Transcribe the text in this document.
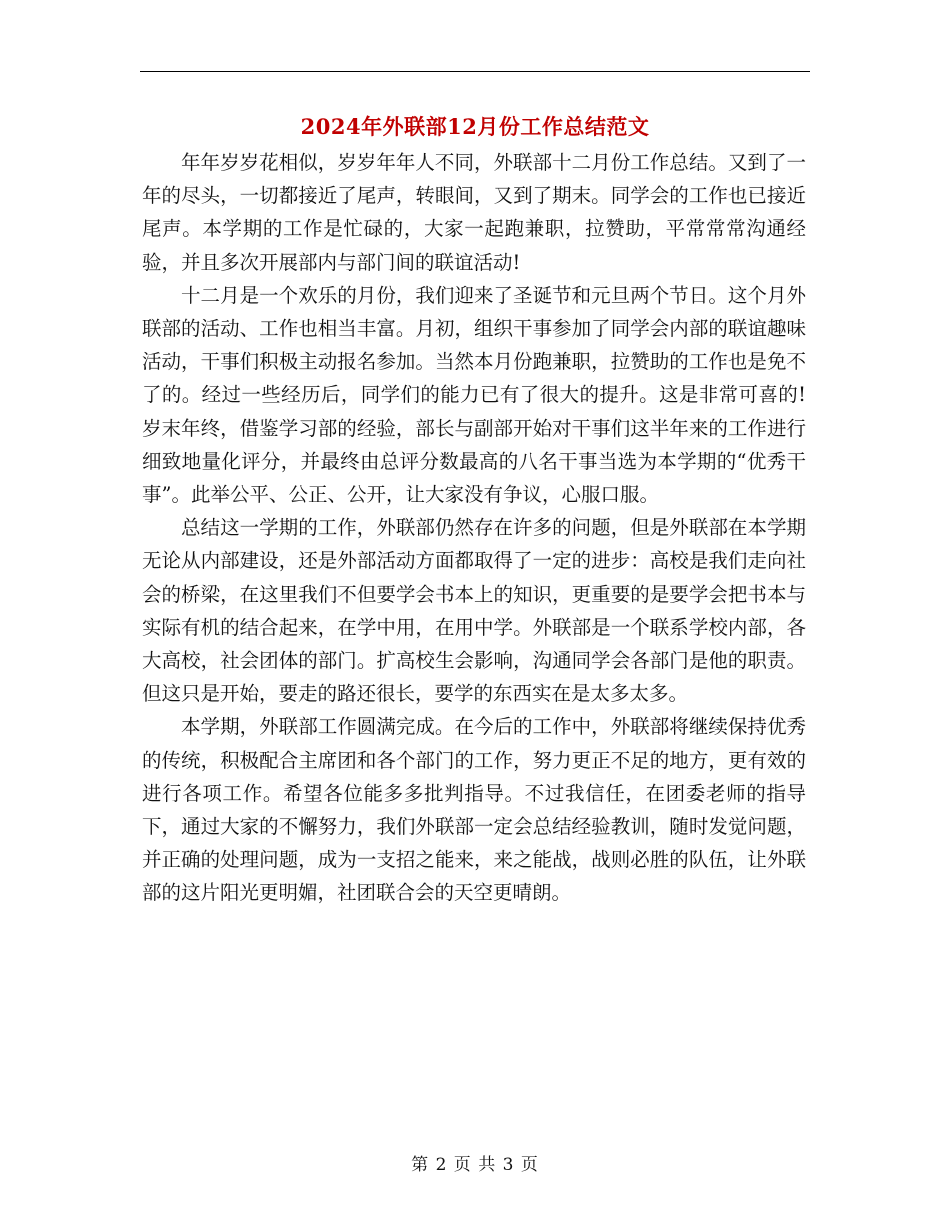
2024年外联部12月份工作总结范文

年年岁岁花相似，岁岁年年人不同，外联部十二月份工作总结。又到了一年的尽头，一切都接近了尾声，转眼间，又到了期末。同学会的工作也已接近尾声。本学期的工作是忙碌的，大家一起跑兼职，拉赞助，平常常常沟通经验，并且多次开展部内与部门间的联谊活动!

十二月是一个欢乐的月份，我们迎来了圣诞节和元旦两个节日。这个月外联部的活动、工作也相当丰富。月初，组织干事参加了同学会内部的联谊趣味活动，干事们积极主动报名参加。当然本月份跑兼职，拉赞助的工作也是免不了的。经过一些经历后，同学们的能力已有了很大的提升。这是非常可喜的!岁末年终，借鉴学习部的经验，部长与副部开始对干事们这半年来的工作进行细致地量化评分，并最终由总评分数最高的八名干事当选为本学期的“优秀干事”。此举公平、公正、公开，让大家没有争议，心服口服。

总结这一学期的工作，外联部仍然存在许多的问题，但是外联部在本学期无论从内部建设，还是外部活动方面都取得了一定的进步：高校是我们走向社会的桥梁，在这里我们不但要学会书本上的知识，更重要的是要学会把书本与实际有机的结合起来，在学中用，在用中学。外联部是一个联系学校内部，各大高校，社会团体的部门。扩高校生会影响，沟通同学会各部门是他的职责。但这只是开始，要走的路还很长，要学的东西实在是太多太多。

本学期，外联部工作圆满完成。在今后的工作中，外联部将继续保持优秀的传统，积极配合主席团和各个部门的工作，努力更正不足的地方，更有效的进行各项工作。希望各位能多多批判指导。不过我信任，在团委老师的指导下，通过大家的不懈努力，我们外联部一定会总结经验教训，随时发觉问题，并正确的处理问题，成为一支招之能来，来之能战，战则必胜的队伍，让外联部的这片阳光更明媚，社团联合会的天空更晴朗。

第 2 页 共 3 页
